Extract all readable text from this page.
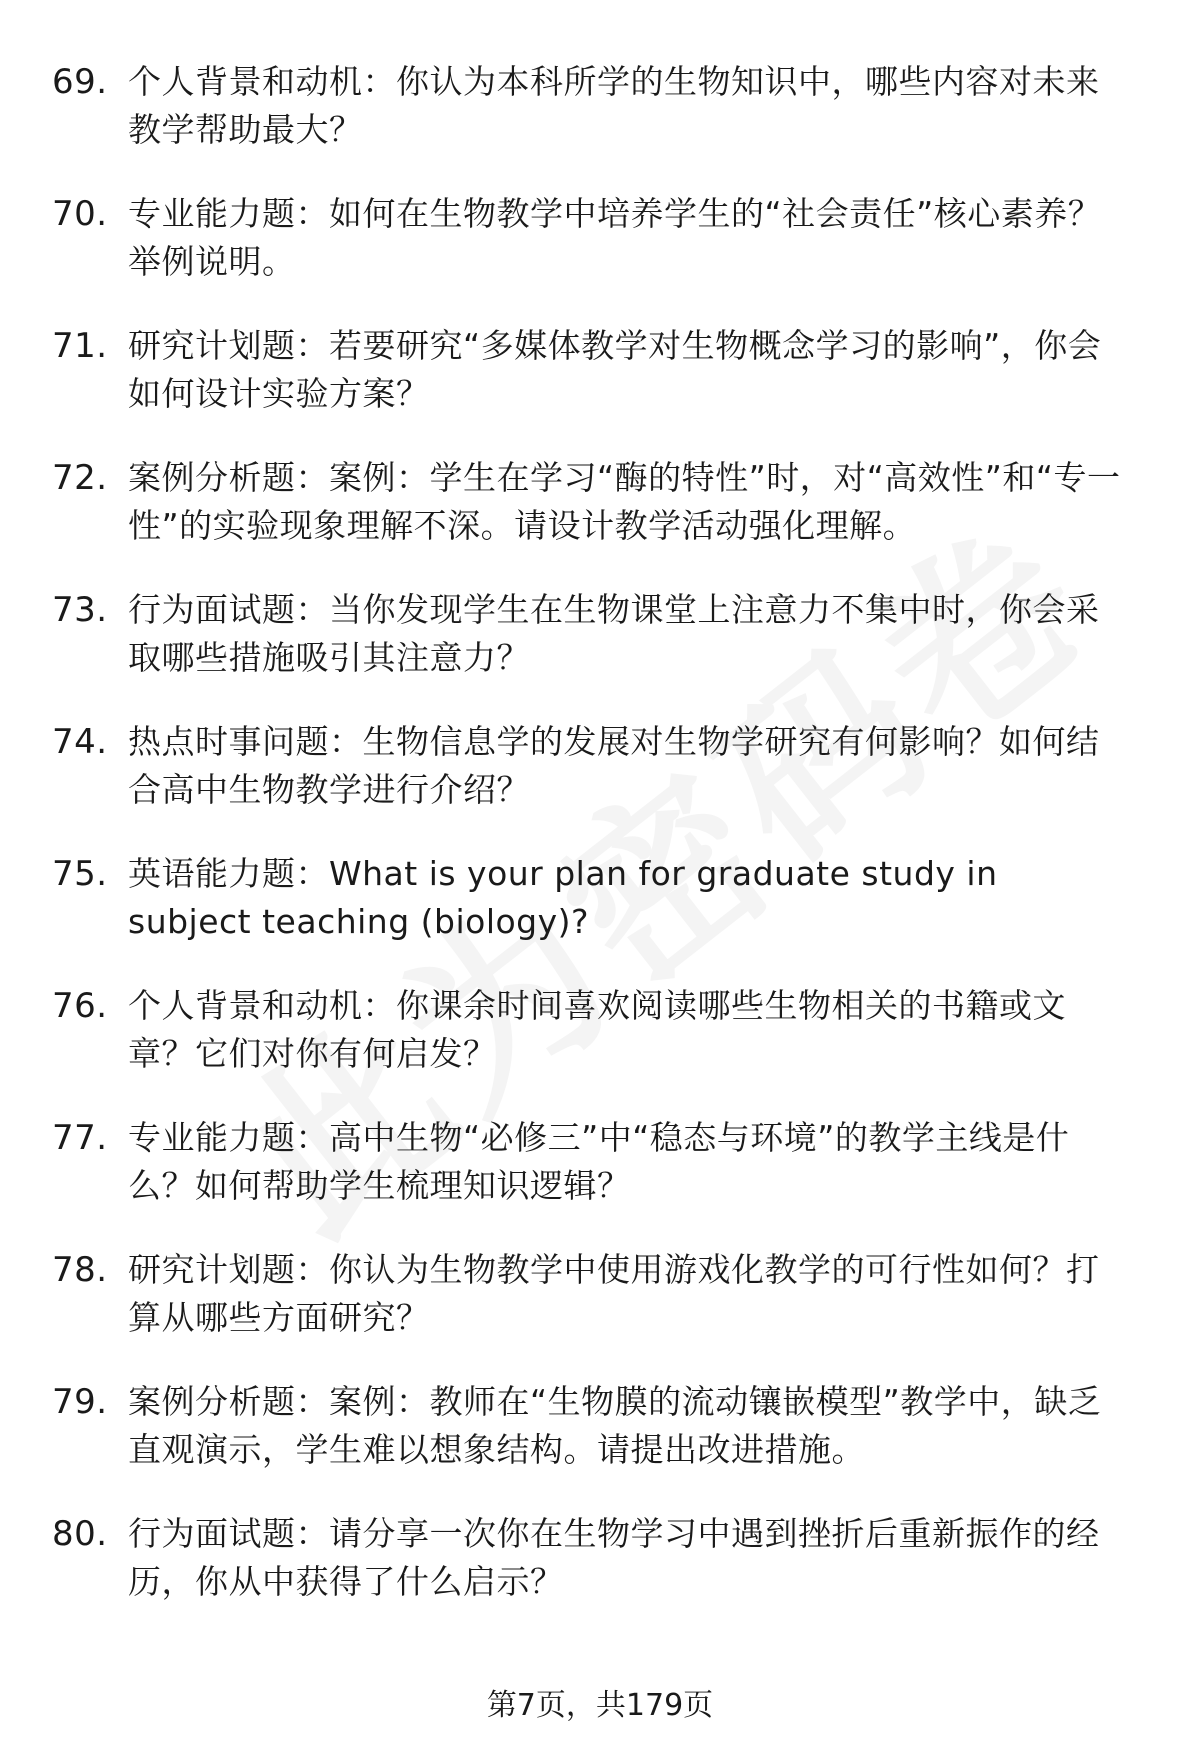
69. 个人背景和动机：你认为本科所学的生物知识中，哪些内容对未来教学帮助最大？
70. 专业能力题：如何在生物教学中培养学生的“社会责任”核心素养？举例说明。
71. 研究计划题：若要研究“多媒体教学对生物概念学习的影响”，你会如何设计实验方案？
72. 案例分析题：案例：学生在学习“酶的特性”时，对“高效性”和“专一性”的实验现象理解不深。请设计教学活动强化理解。
73. 行为面试题：当你发现学生在生物课堂上注意力不集中时，你会采取哪些措施吸引其注意力？
74. 热点时事问题：生物信息学的发展对生物学研究有何影响？如何结合高中生物教学进行介绍？
75. 英语能力题：What is your plan for graduate study in subject teaching (biology)?
76. 个人背景和动机：你课余时间喜欢阅读哪些生物相关的书籍或文章？它们对你有何启发？
77. 专业能力题：高中生物“必修三”中“稳态与环境”的教学主线是什么？如何帮助学生梳理知识逻辑？
78. 研究计划题：你认为生物教学中使用游戏化教学的可行性如何？打算从哪些方面研究？
79. 案例分析题：案例：教师在“生物膜的流动镶嵌模型”教学中，缺乏直观演示，学生难以想象结构。请提出改进措施。
80. 行为面试题：请分享一次你在生物学习中遇到挫折后重新振作的经历，你从中获得了什么启示？
第7页，共179页
